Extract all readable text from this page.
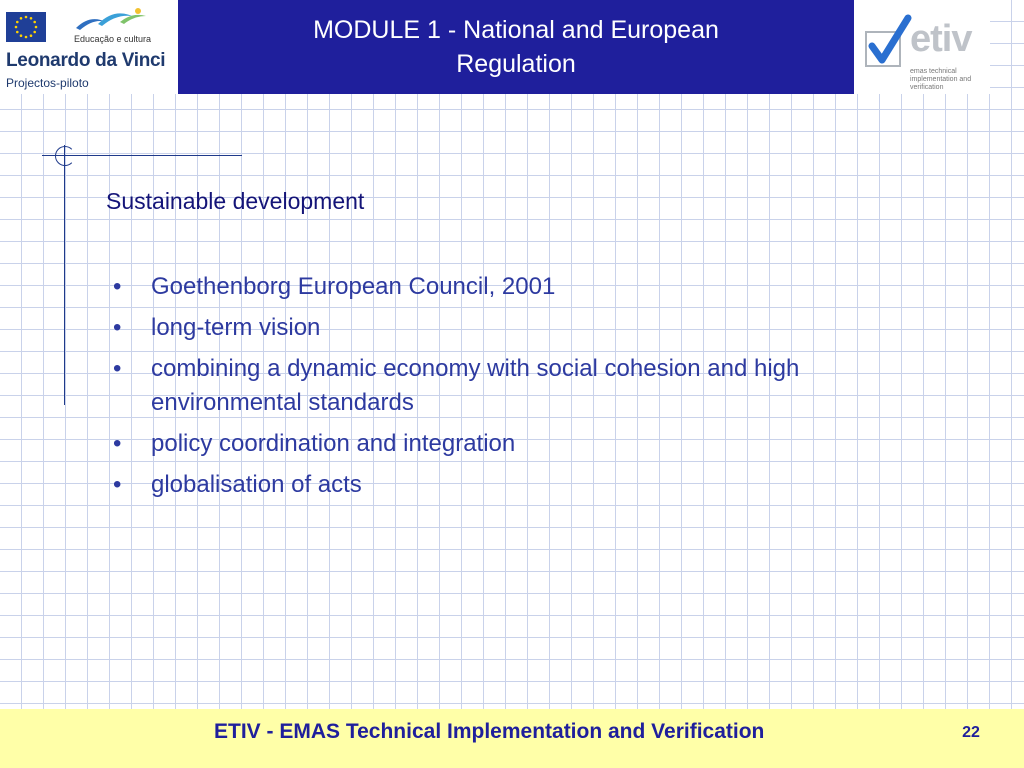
Educação e cultura
Leonardo da Vinci
Projectos-piloto
MODULE 1 - National and European Regulation
etiv
emas technical implementation and verification
Sustainable development
• Goethenborg European Council, 2001
• long-term vision
• combining a dynamic economy with social cohesion and high environmental standards
• policy coordination and integration
• globalisation of acts
ETIV - EMAS Technical Implementation and Verification	22
